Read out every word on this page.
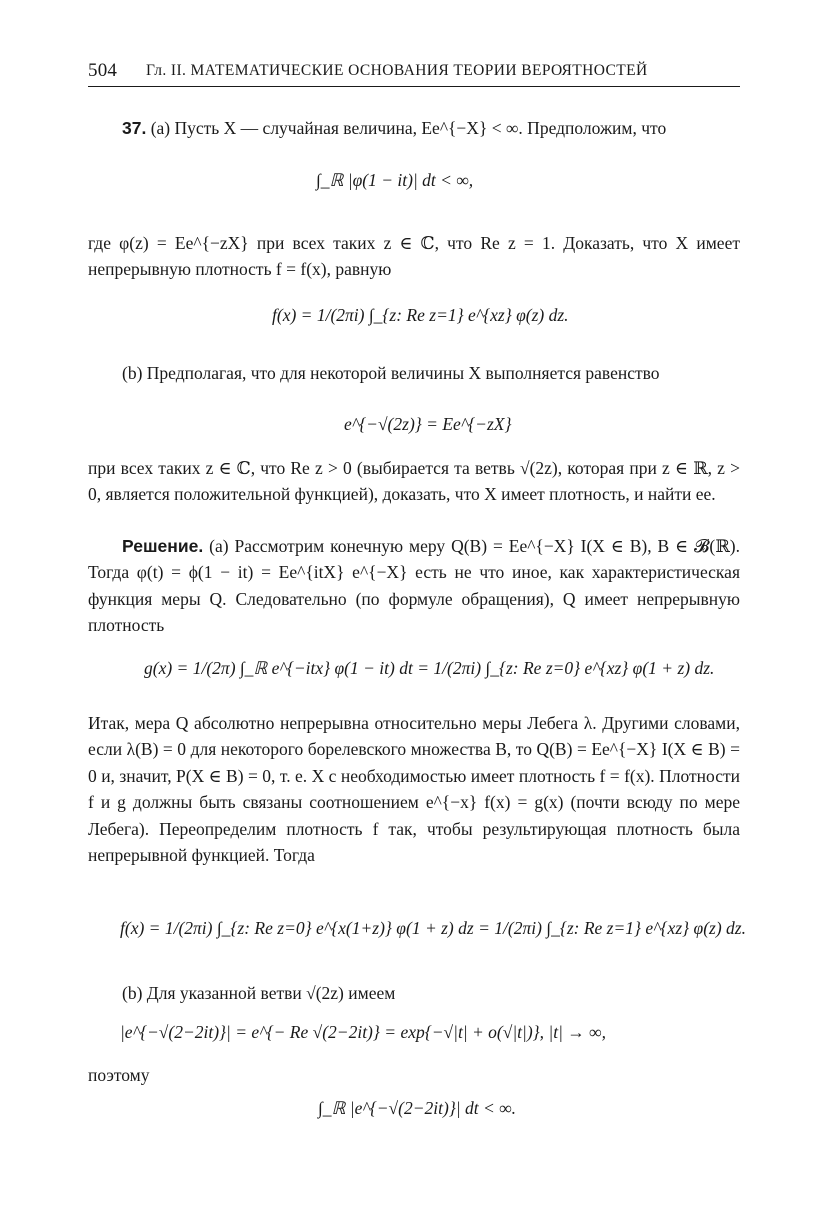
504 Гл. II. МАТЕМАТИЧЕСКИЕ ОСНОВАНИЯ ТЕОРИИ ВЕРОЯТНОСТЕЙ
37. (a) Пусть X — случайная величина, Ee^{−X} < ∞. Предположим, что
∫_ℝ |φ(1 − it)| dt < ∞,
где φ(z) = Ee^{−zX} при всех таких z ∈ ℂ, что Re z = 1. Доказать, что X имеет непрерывную плотность f = f(x), равную
f(x) = 1/(2πi) ∫_{z: Re z=1} e^{xz} φ(z) dz.
(b) Предполагая, что для некоторой величины X выполняется равенство
e^{−√(2z)} = Ee^{−zX}
при всех таких z ∈ ℂ, что Re z > 0 (выбирается та ветвь √(2z), которая при z ∈ ℝ, z > 0, является положительной функцией), доказать, что X имеет плотность, и найти ее.
Решение. (a) Рассмотрим конечную меру Q(B) = Ee^{−X} I(X ∈ B), B ∈ 𝓑(ℝ). Тогда φ(t) = ϕ(1 − it) = Ee^{itX} e^{−X} есть не что иное, как характеристическая функция меры Q. Следовательно (по формуле обращения), Q имеет непрерывную плотность
g(x) = 1/(2π) ∫_ℝ e^{−itx} φ(1 − it) dt = 1/(2πi) ∫_{z: Re z=0} e^{xz} φ(1 + z) dz.
Итак, мера Q абсолютно непрерывна относительно меры Лебега λ. Другими словами, если λ(B) = 0 для некоторого борелевского множества B, то Q(B) = Ee^{−X} I(X ∈ B) = 0 и, значит, P(X ∈ B) = 0, т. е. X с необходимостью имеет плотность f = f(x). Плотности f и g должны быть связаны соотношением e^{−x} f(x) = g(x) (почти всюду по мере Лебега). Переопределим плотность f так, чтобы результирующая плотность была непрерывной функцией. Тогда
f(x) = 1/(2πi) ∫_{z: Re z=0} e^{x(1+z)} φ(1 + z) dz = 1/(2πi) ∫_{z: Re z=1} e^{xz} φ(z) dz.
(b) Для указанной ветви √(2z) имеем
|e^{−√(2−2it)}| = e^{− Re √(2−2it)} = exp{−√|t| + o(√|t|)}, |t| → ∞,
поэтому
∫_ℝ |e^{−√(2−2it)}| dt < ∞.
